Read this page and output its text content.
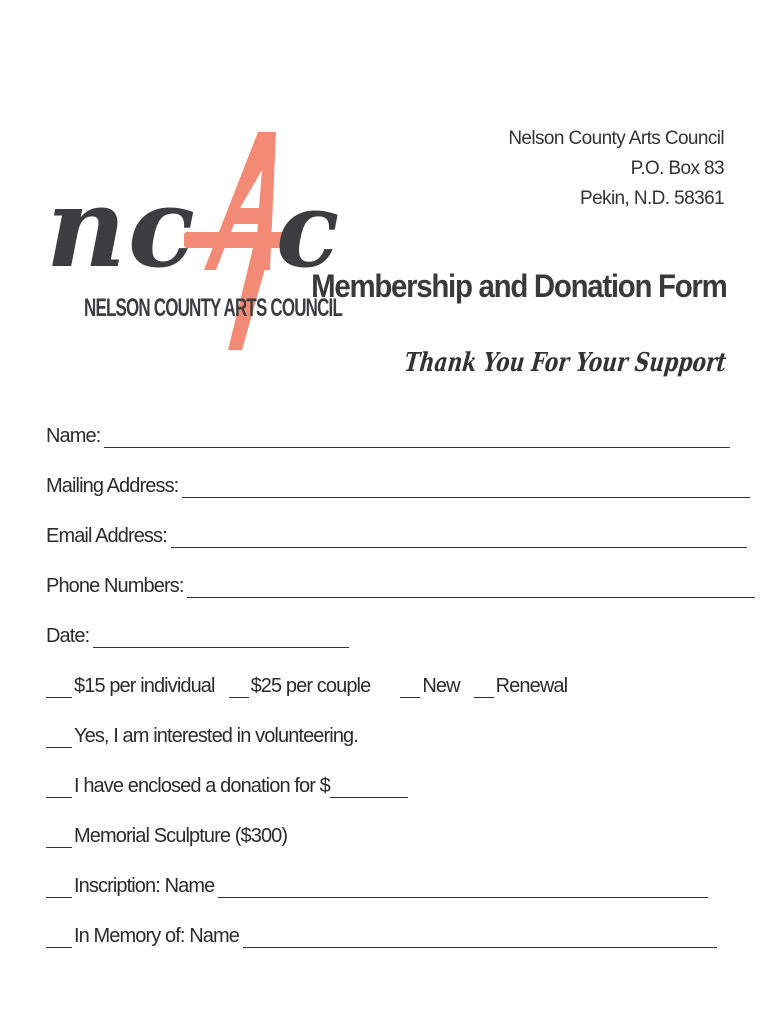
n c c
NELSON COUNTY ARTS COUNCIL
Nelson County Arts Council
P.O. Box 83
Pekin, N.D. 58361
Membership and Donation Form
Thank You For Your Support
Name:
Mailing Address:
Email Address:
Phone Numbers:
Date:
$15 per individual $25 per couple	New Renewal
Yes, I am interested in volunteering.
I have enclosed a donation for $
Memorial Sculpture ($300)
Inscription: Name
In Memory of: Name
